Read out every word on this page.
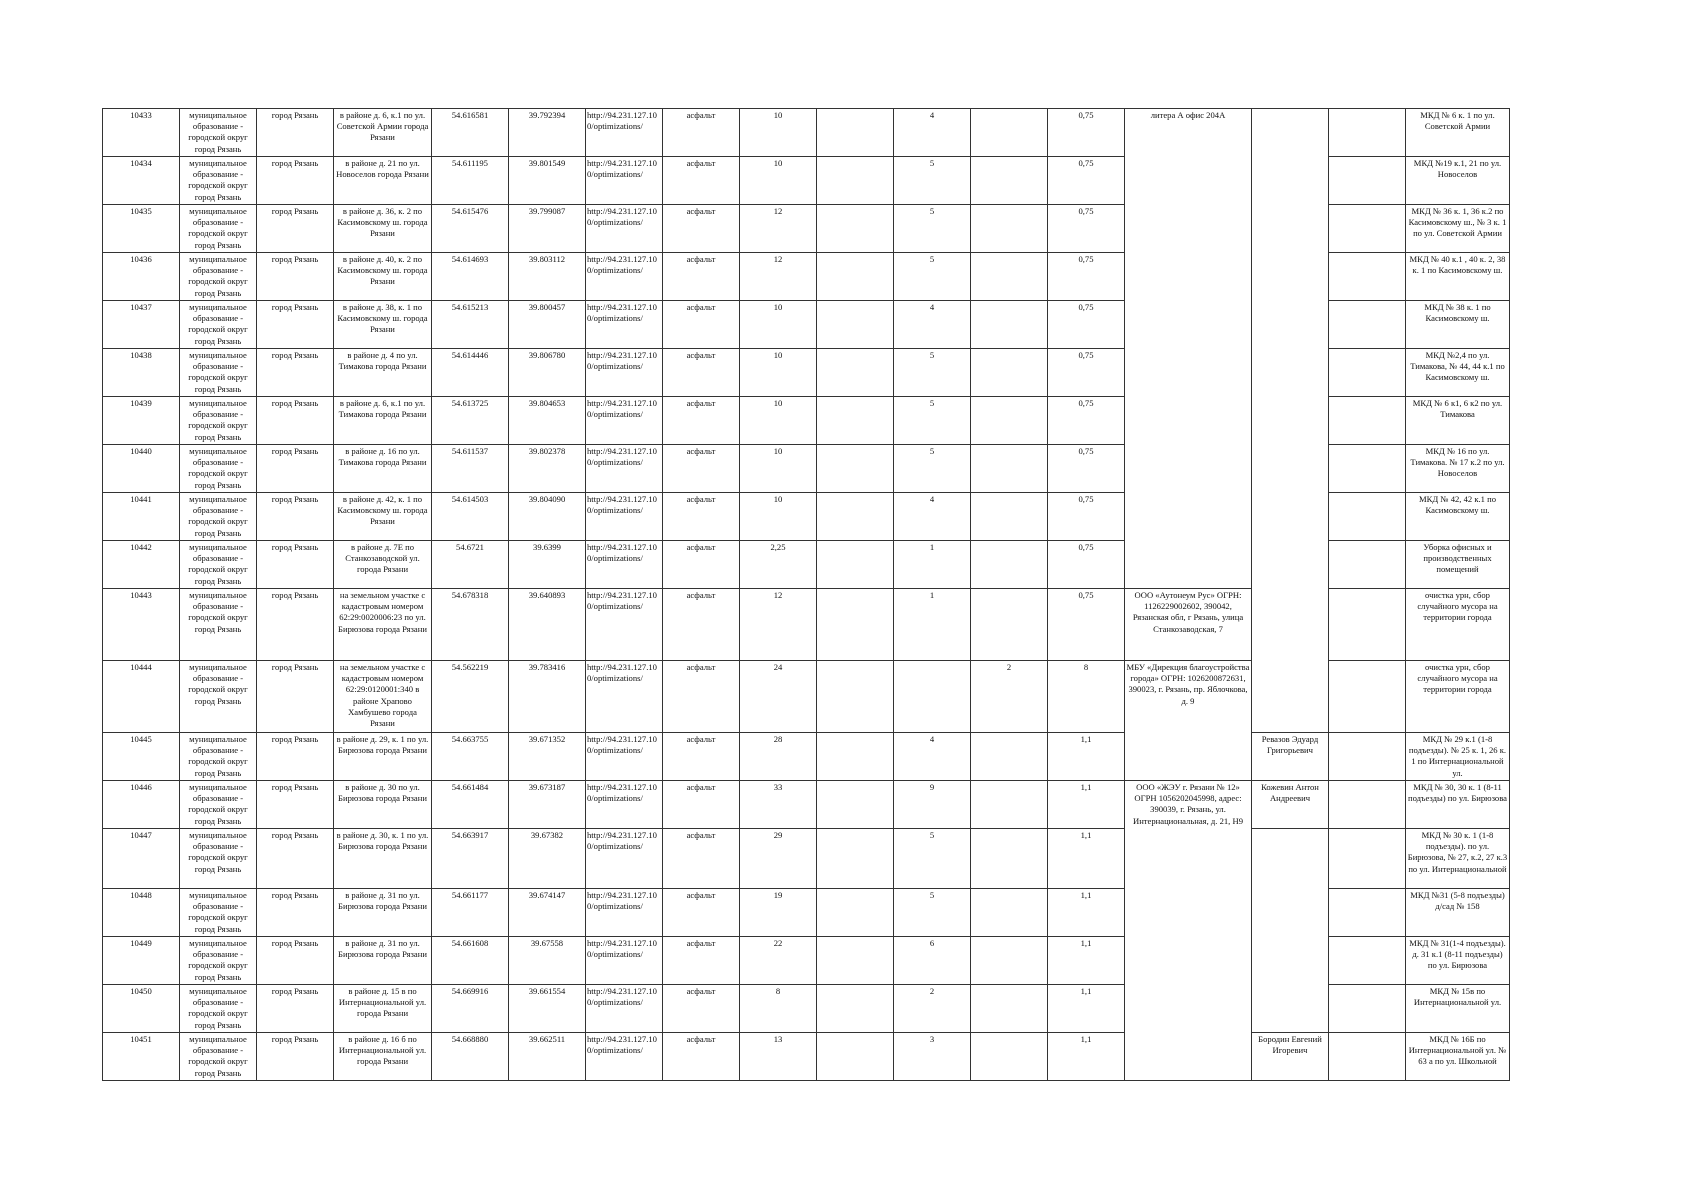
10433	муниципальное образование - городской округ город Рязань	город Рязань	в районе д. 6, к.1 по ул. Советской Армии города Рязани	54.616581	39.792394	http://94.231.127.10 0/optimizations/	асфальт	10		4		0,75	литера А офис 204А			МКД № 6 к. 1 по ул. Советской Армии
10434	муниципальное образование - городской округ город Рязань	город Рязань	в районе д. 21 по ул. Новоселов города Рязани	54.611195	39.801549	http://94.231.127.10 0/optimizations/	асфальт	10		5		0,75				МКД №19 к.1, 21 по ул. Новоселов
10435	муниципальное образование - городской округ город Рязань	город Рязань	в районе д. 36, к. 2 по Касимовскому ш. города Рязани	54.615476	39.799087	http://94.231.127.10 0/optimizations/	асфальт	12		5		0,75				МКД № 36 к. 1, 36 к.2 по Касимовскому ш., № 3 к. 1 по ул. Советской Армии
10436	муниципальное образование - городской округ город Рязань	город Рязань	в районе д. 40, к. 2 по Касимовскому ш. города Рязани	54.614693	39.803112	http://94.231.127.10 0/optimizations/	асфальт	12		5		0,75				МКД № 40 к.1 , 40 к. 2, 38 к. 1 по Касимовскому ш.
10437	муниципальное образование - городской округ город Рязань	город Рязань	в районе д. 38, к. 1 по Касимовскому ш. города Рязани	54.615213	39.800457	http://94.231.127.10 0/optimizations/	асфальт	10		4		0,75				МКД № 38 к. 1 по Касимовскому ш.
10438	муниципальное образование - городской округ город Рязань	город Рязань	в районе д. 4 по ул. Тимакова города Рязани	54.614446	39.806780	http://94.231.127.10 0/optimizations/	асфальт	10		5		0,75				МКД №2,4 по ул. Тимакова, № 44, 44 к.1 по Касимовскому ш.
10439	муниципальное образование - городской округ город Рязань	город Рязань	в районе д. 6, к.1 по ул. Тимакова города Рязани	54.613725	39.804653	http://94.231.127.10 0/optimizations/	асфальт	10		5		0,75				МКД № 6 к1, 6 к2 по ул. Тимакова
10440	муниципальное образование - городской округ город Рязань	город Рязань	в районе д. 16 по ул. Тимакова города Рязани	54.611537	39.802378	http://94.231.127.10 0/optimizations/	асфальт	10		5		0,75				МКД № 16 по ул. Тимакова. № 17 к.2 по ул. Новоселов
10441	муниципальное образование - городской округ город Рязань	город Рязань	в районе д. 42, к. 1 по Касимовскому ш. города Рязани	54.614503	39.804090	http://94.231.127.10 0/optimizations/	асфальт	10		4		0,75				МКД № 42, 42 к.1 по Касимовскому ш.
10442	муниципальное образование - городской округ город Рязань	город Рязань	в районе д. 7Е по Станкозаводской ул. города Рязани	54.6721	39.6399	http://94.231.127.10 0/optimizations/	асфальт	2,25		1		0,75				Уборка офисных и производственных помещений
10443	муниципальное образование - городской округ город Рязань	город Рязань	на земельном участке с кадастровым номером 62:29:0020006:23 по ул. Бирюзова города Рязани	54.678318	39.640893	http://94.231.127.10 0/optimizations/	асфальт	12		1		0,75	ООО «Аутонеум Рус» ОГРН: 1126229002602, 390042, Рязанская обл, г Рязань, улица Станкозаводская, 7			очистка урн, сбор случайного мусора на территории города
10444	муниципальное образование - городской округ город Рязань	город Рязань	на земельном участке с кадастровым номером 62:29:0120001:340 в районе Храпово Хамбушево города Рязани	54.562219	39.783416	http://94.231.127.10 0/optimizations/	асфальт	24			2	8	МБУ «Дирекция благоустройства города» ОГРН: 1026200872631, 390023, г. Рязань, пр. Яблочкова, д. 9			очистка урн, сбор случайного мусора на территории города
10445	муниципальное образование - городской округ город Рязань	город Рязань	в районе д. 29, к. 1 по ул. Бирюзова города Рязани	54.663755	39.671352	http://94.231.127.10 0/optimizations/	асфальт	28		4		1,1		Ревазов Эдуард Григорьевич		МКД № 29 к.1 (1-8 подъезды). № 25 к. 1, 26 к. 1 по Интернациональной ул.
10446	муниципальное образование - городской округ город Рязань	город Рязань	в районе д. 30 по ул. Бирюзова города Рязани	54.661484	39.673187	http://94.231.127.10 0/optimizations/	асфальт	33		9		1,1	ООО «ЖЭУ г. Рязани № 12» ОГРН 1056202045998, адрес: 390039, г. Рязань, ул. Интернациональная, д. 21, Н9	Кожевин Антон Андреевич		МКД № 30, 30 к. 1 (8-11 подъезды) по ул. Бирюзова
10447	муниципальное образование - городской округ город Рязань	город Рязань	в районе д. 30, к. 1 по ул. Бирюзова города Рязани	54.663917	39.67382	http://94.231.127.10 0/optimizations/	асфальт	29		5		1,1				МКД № 30 к. 1 (1-8 подъезды). по ул. Бирюзова, № 27, к.2, 27 к.3 по ул. Интернациональной
10448	муниципальное образование - городской округ город Рязань	город Рязань	в районе д. 31 по ул. Бирюзова города Рязани	54.661177	39.674147	http://94.231.127.10 0/optimizations/	асфальт	19		5		1,1				МКД №31 (5-8 подъезды) д/сад № 158
10449	муниципальное образование - городской округ город Рязань	город Рязань	в районе д. 31 по ул. Бирюзова города Рязани	54.661608	39.67558	http://94.231.127.10 0/optimizations/	асфальт	22		6		1,1				МКД № 31(1-4 подъезды). д. 31 к.1 (8-11 подъезды) по ул. Бирюзова
10450	муниципальное образование - городской округ город Рязань	город Рязань	в районе д. 15 в по Интернациональной ул. города Рязани	54.669916	39.661554	http://94.231.127.10 0/optimizations/	асфальт	8		2		1,1				МКД № 15в по Интернациональной ул.
10451	муниципальное образование - городской округ город Рязань	город Рязань	в районе д. 16 б по Интернациональной ул. города Рязани	54.668880	39.662511	http://94.231.127.10 0/optimizations/	асфальт	13		3		1,1		Бородин Евгений Игоревич		МКД № 16Б по Интернациональной ул. № 63 а по ул. Школьной
